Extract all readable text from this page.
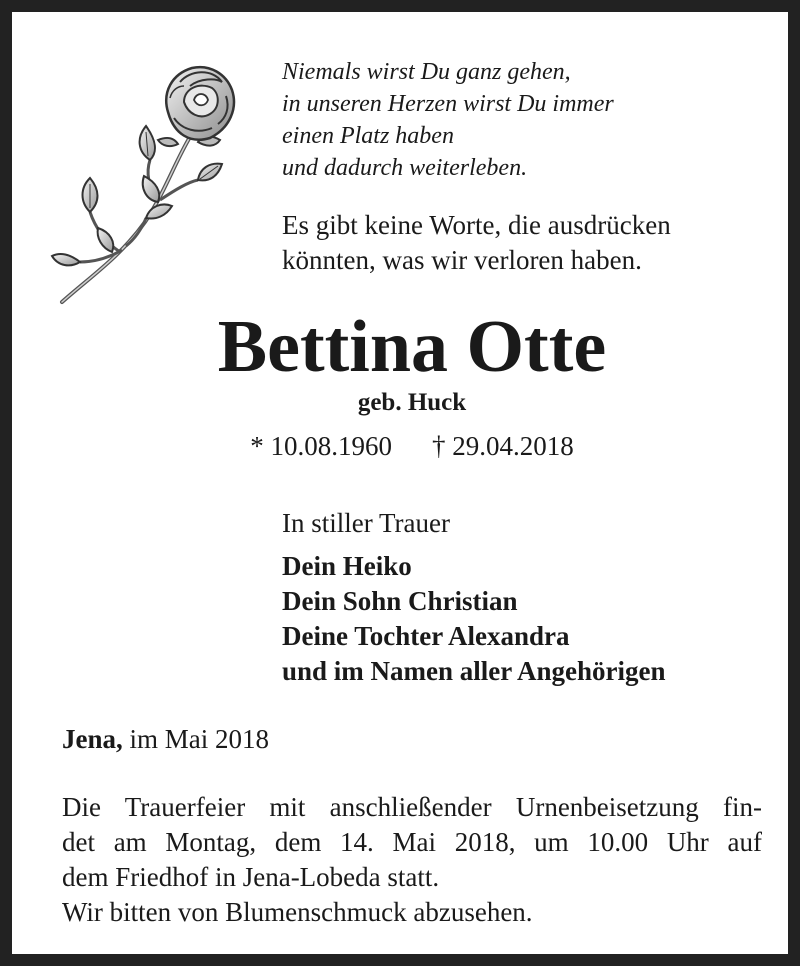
Niemals wirst Du ganz gehen,
in unseren Herzen wirst Du immer
einen Platz haben
und dadurch weiterleben.
Es gibt keine Worte, die ausdrücken
könnten, was wir verloren haben.
Bettina Otte
geb. Huck
* 10.08.1960 † 29.04.2018
In stiller Trauer
Dein Heiko
Dein Sohn Christian
Deine Tochter Alexandra
und im Namen aller Angehörigen
Jena, im Mai 2018
Die Trauerfeier mit anschließender Urnenbeisetzung fin-
det am Montag, dem 14. Mai 2018, um 10.00 Uhr auf
dem Friedhof in Jena-Lobeda statt.
Wir bitten von Blumenschmuck abzusehen.
